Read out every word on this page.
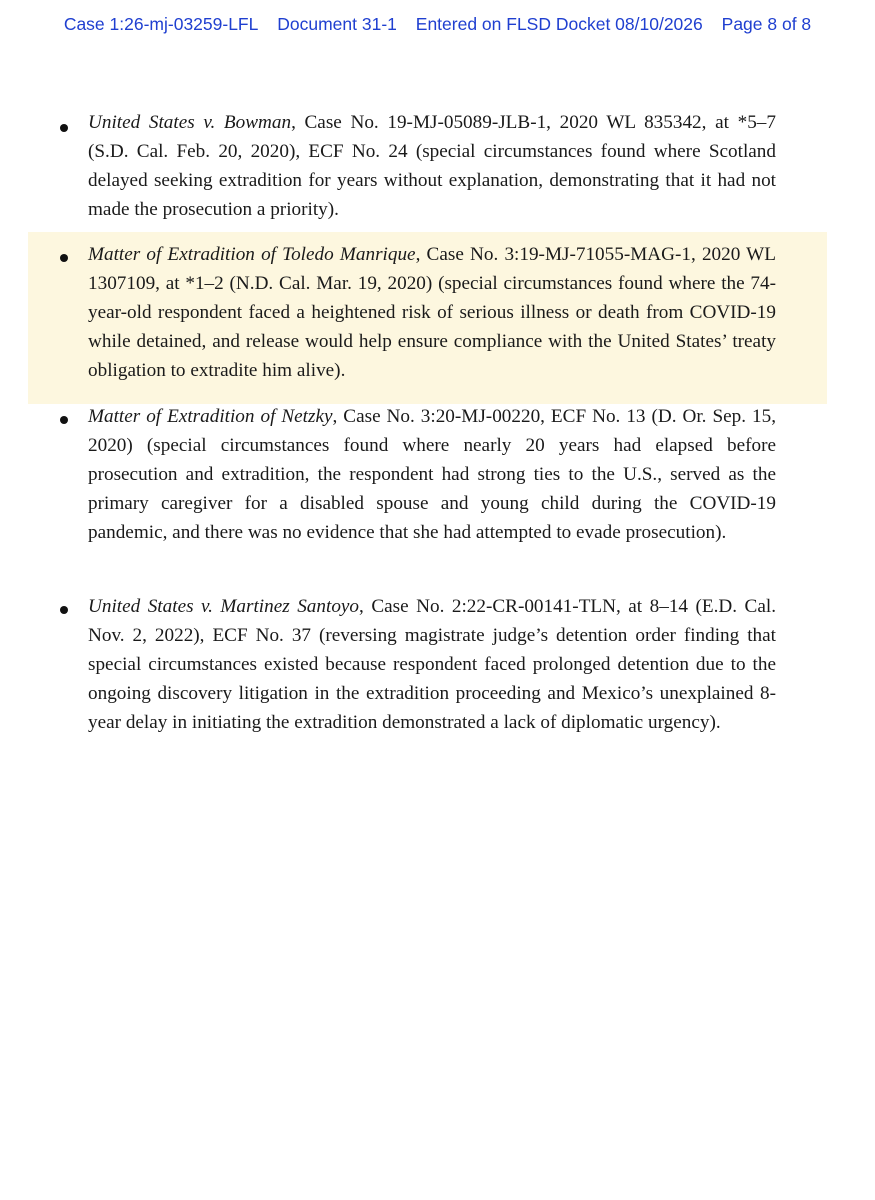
Case 1:26-mj-03259-LFL Document 31-1 Entered on FLSD Docket 08/10/2026 Page 8 of 8

United States v. Bowman, Case No. 19-MJ-05089-JLB-1, 2020 WL 835342, at *5–7 (S.D. Cal. Feb. 20, 2020), ECF No. 24 (special circumstances found where Scotland delayed seeking extradition for years without explanation, demonstrating that it had not made the prosecution a priority).

Matter of Extradition of Toledo Manrique, Case No. 3:19-MJ-71055-MAG-1, 2020 WL 1307109, at *1–2 (N.D. Cal. Mar. 19, 2020) (special circumstances found where the 74-year-old respondent faced a heightened risk of serious illness or death from COVID-19 while detained, and release would help ensure compliance with the United States’ treaty obligation to extradite him alive).

Matter of Extradition of Netzky, Case No. 3:20-MJ-00220, ECF No. 13 (D. Or. Sep. 15, 2020) (special circumstances found where nearly 20 years had elapsed before prosecution and extradition, the respondent had strong ties to the U.S., served as the primary caregiver for a disabled spouse and young child during the COVID-19 pandemic, and there was no evidence that she had attempted to evade prosecution).

United States v. Martinez Santoyo, Case No. 2:22-CR-00141-TLN, at 8–14 (E.D. Cal. Nov. 2, 2022), ECF No. 37 (reversing magistrate judge’s detention order finding that special circumstances existed because respondent faced prolonged detention due to the ongoing discovery litigation in the extradition proceeding and Mexico’s unexplained 8-year delay in initiating the extradition demonstrated a lack of diplomatic urgency).
